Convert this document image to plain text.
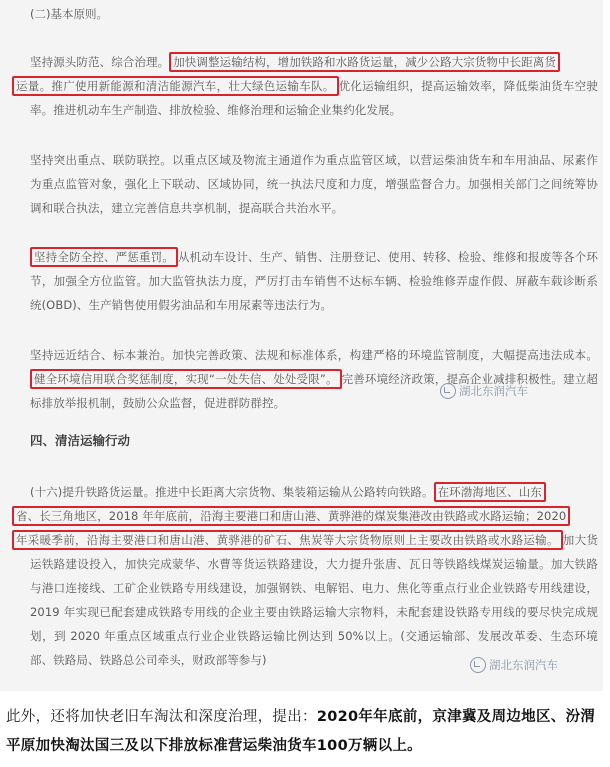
(二)基本原则。

坚持源头防范、综合治理。 加快调整运输结构，增加铁路和水路货运量，减少公路大宗货物中长距离货
运量。推广使用新能源和清洁能源汽车，壮大绿色运输车队。 优化运输组织，提高运输效率，降低柴油货车空驶率。推进机动车生产制造、排放检验、维修治理和运输企业集约化发展。

坚持突出重点、联防联控。以重点区域及物流主通道作为重点监管区域，以营运柴油货车和车用油品、尿素作为重点监管对象，强化上下联动、区域协同，统一执法尺度和力度，增强监督合力。加强相关部门之间统筹协调和联合执法，建立完善信息共享机制，提高联合共治水平。

坚持全防全控、严惩重罚。 从机动车设计、生产、销售、注册登记、使用、转移、检验、维修和报废等各个环节，加强全方位监管。加大监管执法力度，严厉打击车销售不达标车辆、检验维修弄虚作假、屏蔽车载诊断系统(OBD)、生产销售使用假劣油品和车用尿素等违法行为。

坚持远近结合、标本兼治。加快完善政策、法规和标准体系，构建严格的环境监管制度，大幅提高违法成本。健全环境信用联合奖惩制度，实现“一处失信、处处受限”。 完善环境经济政策，提高企业减排积极性。建立超标排放举报机制，鼓励公众监督，促进群防群控。

湖北东润汽车

四、清洁运输行动

(十六)提升铁路货运量。推进中长距离大宗货物、集装箱运输从公路转向铁路。 在环渤海地区、山东
省、长三角地区，2018 年年底前，沿海主要港口和唐山港、黄骅港的煤炭集港改由铁路或水路运输；2020
年采暖季前，沿海主要港口和唐山港、黄骅港的矿石、焦炭等大宗货物原则上主要改由铁路或水路运输。 加大货运铁路建设投入，加快完成蒙华、水曹等货运铁路建设，大力提升张唐、瓦日等铁路线煤炭运输量。加大铁路与港口连接线、工矿企业铁路专用线建设，加强钢铁、电解铝、电力、焦化等重点行业企业铁路专用线建设，2019 年实现已配套建成铁路专用线的企业主要由铁路运输大宗物料，未配套建设铁路专用线的要尽快完成规划，到 2020 年重点区域重点行业企业铁路运输比例达到 50%以上。(交通运输部、发展改革委、生态环境部、铁路局、铁路总公司牵头，财政部等参与)	湖北东润汽车

此外，还将加快老旧车淘汰和深度治理，提出：2020年年底前，京津冀及周边地区、汾渭平原加快淘汰国三及以下排放标准营运柴油货车100万辆以上。
